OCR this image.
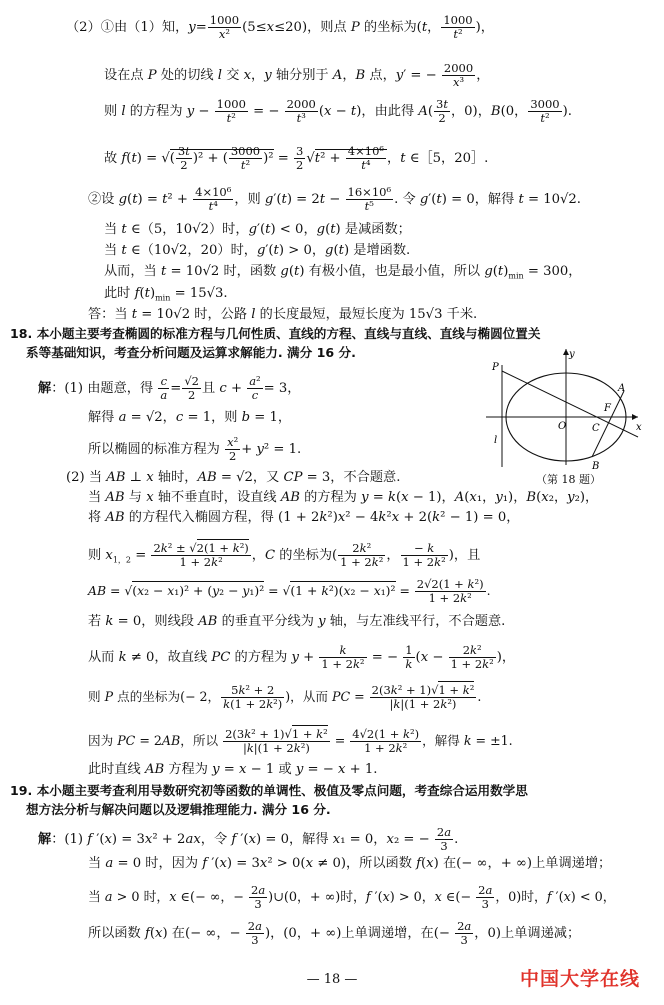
（2）①由（1）知，$y= \frac{1000}{\text{x²}} (5\le x\le 20)$，则点 P 的坐标为(t， $\frac{1000}{\text{t²}}$ )，
设在点 P 处的切线 l 交 x，y 轴分别于 A，B 点，y′ = − $\frac{2000}{\text{x³}}$ ，
则 l 的方程为 $y - \frac{1000}{\text{t²}}$ = − $\frac{2000}{\text{t³}} (x - t)$，由此得 $A( \frac{3t}{2}$ ，0)，B(0， $\frac{3000}{\text{t²}}$ ).
故 f(t) = √( $\frac{3t}{2} )^2$ + ( $\frac{3000}{\text{t²}} )^2 = \frac{3}{2} √t^2 + \frac{\text{4×10⁶}}{\text{t⁴}}$ ，t ∈［5，20］.
②设 $g(t) = t^2 + \frac{\text{4×10⁶}}{\text{t⁴}}$ ，则 $g'(t) = 2t - \frac{\text{16×10⁶}}{\text{t⁵}}$ . 令 g′(t) = 0，解得 t = 10√2.
当 t ∈（5，10√2）时，g′(t) < 0，g(t) 是减函数；
当 t ∈（10√2，20）时，g′(t) > 0，g(t) 是增函数.
从而，当 t = 10√2 时，函数 g(t) 有极小值，也是最小值，所以 $g(t)_{min} = 300$，
此时 $f(t)_{min} = 15√3$.
答：当 t = 10√2 时，公路 l 的长度最短，最短长度为 15√3 千米.
18. 本小题主要考查椭圆的标准方程与几何性质、直线的方程、直线与直线、直线与椭圆位置关
系等基础知识，考查分析问题及运算求解能力. 满分 16 分.
解：(1) 由题意，得 $\frac{c}{a} = \frac{√2}{2}$ 且 $c + \frac{\text{a²}}{c} = 3$，
解得 a = √2，c = 1，则 b = 1，
所以椭圆的标准方程为 $\frac{\text{x²}}{2} + y^2 = 1$.
(2) 当 AB ⊥ x 轴时，AB = √2，又 CP = 3，不合题意.
当 AB 与 x 轴不垂直时，设直线 AB 的方程为 y = k(x − 1)，A(x₁，y₁)，B(x₂，y₂)，
将 AB 的方程代入椭圆方程，得 (1 + 2k²)x² − 4k²x + 2(k² − 1) = 0，
则 $x_{1,2} = \frac{\text{2k² ± √2(1 + k²)}}{\text{1 + 2k²}}$ ，C 的坐标为( $\frac{\text{2k²}}{\text{1 + 2k²}}$ ， $\frac{- k}{\text{1 + 2k²}}$ )，且
AB = $√(x_2 - x_1)^2 + (y_2 - y_1)^2 = √(1 + k^2)(x_2 - x_1)^2 = \frac{\text{2√2(1 + k²)}}{\text{1 + 2k²}}$ .
若 k = 0，则线段 AB 的垂直平分线为 y 轴，与左准线平行，不合题意.
从而 k ≠ 0，故直线 PC 的方程为 $y + \frac{k}{\text{1 + 2k²}}$ = − $\frac{1}{k} (x - \frac{\text{2k²}}{\text{1 + 2k²}}$ )，
则 P 点的坐标为(− 2， $\frac{\text{5k² + 2}}{\text{k(1 + 2k²)}}$ )，从而 PC = $\frac{\text{2(3k² + 1)√1 + k²}}{\text{|k|(1 + 2k²)}}$ .
因为 PC = 2AB，所以 $\frac{\text{2(3k² + 1)√1 + k²}}{\text{|k|(1 + 2k²)}} = \frac{\text{4√2(1 + k²)}}{\text{1 + 2k²}}$ ，解得 k = ±1.
此时直线 AB 方程为 y = x − 1 或 y = − x + 1.
y
x
O
P
A
B
C
F
l
（第 18 题）
19. 本小题主要考查利用导数研究初等函数的单调性、极值及零点问题，考查综合运用数学思
想方法分析与解决问题以及逻辑推理能力. 满分 16 分.
解：(1) f ′(x) = 3x² + 2ax，令 f ′(x) = 0，解得 x₁ = 0，x₂ = − $\frac{2a}{3}$ .
当 a = 0 时，因为 f ′(x) = 3x² > 0(x ≠ 0)，所以函数 f(x) 在(− ∞，+ ∞)上单调递增；
当 a > 0 时，x ∈(− ∞，− $\frac{2a}{3}$ )∪(0，+ ∞)时，f ′(x) > 0，x ∈(− $\frac{2a}{3}$ ，0)时，f ′(x) < 0，
所以函数 f(x) 在(− ∞，− $\frac{2a}{3}$ )，(0，+ ∞)上单调递增，在(− $\frac{2a}{3}$ ，0)上单调递减；
— 18 —	中国大学在线
